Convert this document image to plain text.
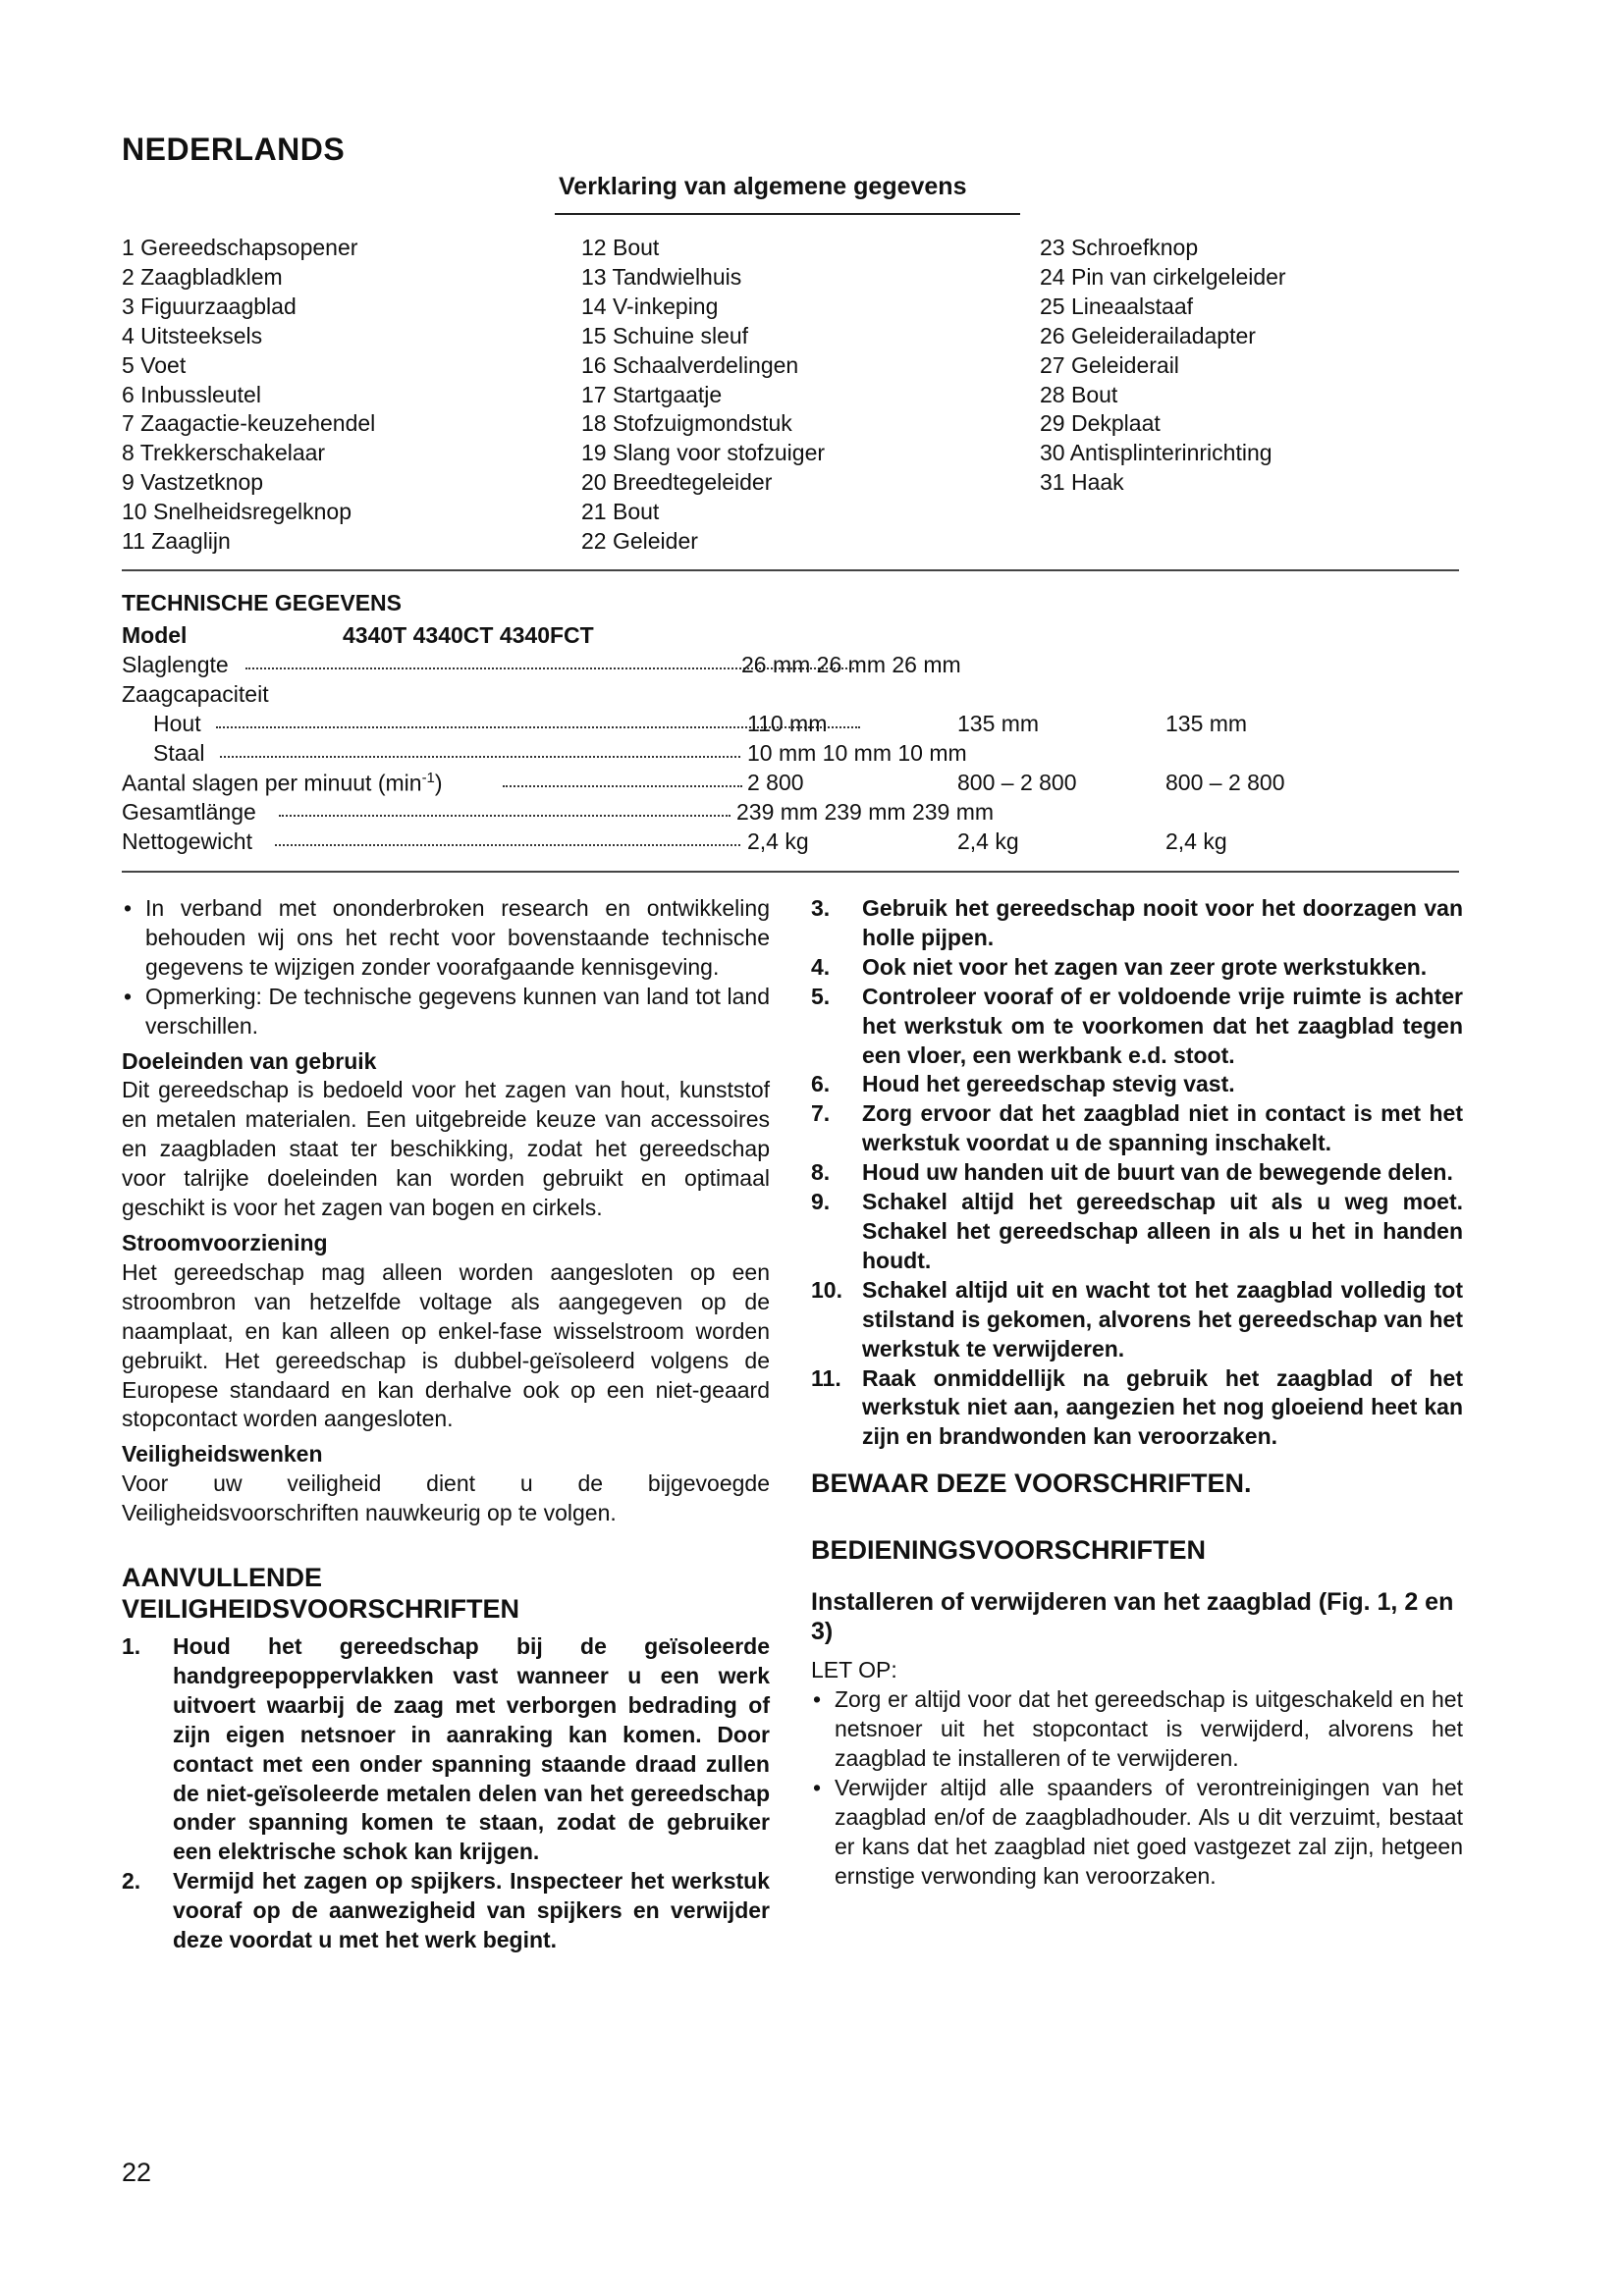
NEDERLANDS
Verklaring van algemene gegevens
1 Gereedschapsopener
2 Zaagbladklem
3 Figuurzaagblad
4 Uitsteeksels
5 Voet
6 Inbussleutel
7 Zaagactie-keuzehendel
8 Trekkerschakelaar
9 Vastzetknop
10 Snelheidsregelknop
11 Zaaglijn
12 Bout
13 Tandwielhuis
14 V-inkeping
15 Schuine sleuf
16 Schaalverdelingen
17 Startgaatje
18 Stofzuigmondstuk
19 Slang voor stofzuiger
20 Breedtegeleider
21 Bout
22 Geleider
23 Schroefknop
24 Pin van cirkelgeleider
25 Lineaalstaaf
26 Geleiderailadapter
27 Geleiderail
28 Bout
29 Dekplaat
30 Antisplinterinrichting
31 Haak
TECHNISCHE GEGEVENS
Model	4340T 4340CT 4340FCT
Slaglengte	26 mm 26 mm 26 mm
Zaagcapaciteit
Hout	110 mm	135 mm	135 mm
Staal	10 mm 10 mm 10 mm
Aantal slagen per minuut $(\min^{-1})$	2 800	800 – 2 800	800 – 2 800
Gesamtlänge	239 mm 239 mm 239 mm
Nettogewicht	2,4 kg	2,4 kg	2,4 kg
• In verband met ononderbroken research en ontwikkeling behouden wij ons het recht voor bovenstaande technische gegevens te wijzigen zonder voorafgaande kennisgeving.
• Opmerking: De technische gegevens kunnen van land tot land verschillen.
Doeleinden van gebruik
Dit gereedschap is bedoeld voor het zagen van hout, kunststof en metalen materialen. Een uitgebreide keuze van accessoires en zaagbladen staat ter beschikking, zodat het gereedschap voor talrijke doeleinden kan worden gebruikt en optimaal geschikt is voor het zagen van bogen en cirkels.
Stroomvoorziening
Het gereedschap mag alleen worden aangesloten op een stroombron van hetzelfde voltage als aangegeven op de naamplaat, en kan alleen op enkel-fase wisselstroom worden gebruikt. Het gereedschap is dubbel-geïsoleerd volgens de Europese standaard en kan derhalve ook op een niet-geaard stopcontact worden aangesloten.
Veiligheidswenken
Voor uw veiligheid dient u de bijgevoegde Veiligheidsvoorschriften nauwkeurig op te volgen.
AANVULLENDE
VEILIGHEIDSVOORSCHRIFTEN
1. Houd het gereedschap bij de geïsoleerde handgreepoppervlakken vast wanneer u een werk uitvoert waarbij de zaag met verborgen bedrading of zijn eigen netsnoer in aanraking kan komen. Door contact met een onder spanning staande draad zullen de niet-geïsoleerde metalen delen van het gereedschap onder spanning komen te staan, zodat de gebruiker een elektrische schok kan krijgen.
2. Vermijd het zagen op spijkers. Inspecteer het werkstuk vooraf op de aanwezigheid van spijkers en verwijder deze voordat u met het werk begint.
3. Gebruik het gereedschap nooit voor het doorzagen van holle pijpen.
4. Ook niet voor het zagen van zeer grote werkstukken.
5. Controleer vooraf of er voldoende vrije ruimte is achter het werkstuk om te voorkomen dat het zaagblad tegen een vloer, een werkbank e.d. stoot.
6. Houd het gereedschap stevig vast.
7. Zorg ervoor dat het zaagblad niet in contact is met het werkstuk voordat u de spanning inschakelt.
8. Houd uw handen uit de buurt van de bewegende delen.
9. Schakel altijd het gereedschap uit als u weg moet. Schakel het gereedschap alleen in als u het in handen houdt.
10. Schakel altijd uit en wacht tot het zaagblad volledig tot stilstand is gekomen, alvorens het gereedschap van het werkstuk te verwijderen.
11. Raak onmiddellijk na gebruik het zaagblad of het werkstuk niet aan, aangezien het nog gloeiend heet kan zijn en brandwonden kan veroorzaken.
BEWAAR DEZE VOORSCHRIFTEN.
BEDIENINGSVOORSCHRIFTEN
Installeren of verwijderen van het zaagblad (Fig. 1, 2 en 3)
LET OP:
• Zorg er altijd voor dat het gereedschap is uitgeschakeld en het netsnoer uit het stopcontact is verwijderd, alvorens het zaagblad te installeren of te verwijderen.
• Verwijder altijd alle spaanders of verontreinigingen van het zaagblad en/of de zaagbladhouder. Als u dit verzuimt, bestaat er kans dat het zaagblad niet goed vastgezet zal zijn, hetgeen ernstige verwonding kan veroorzaken.
22
